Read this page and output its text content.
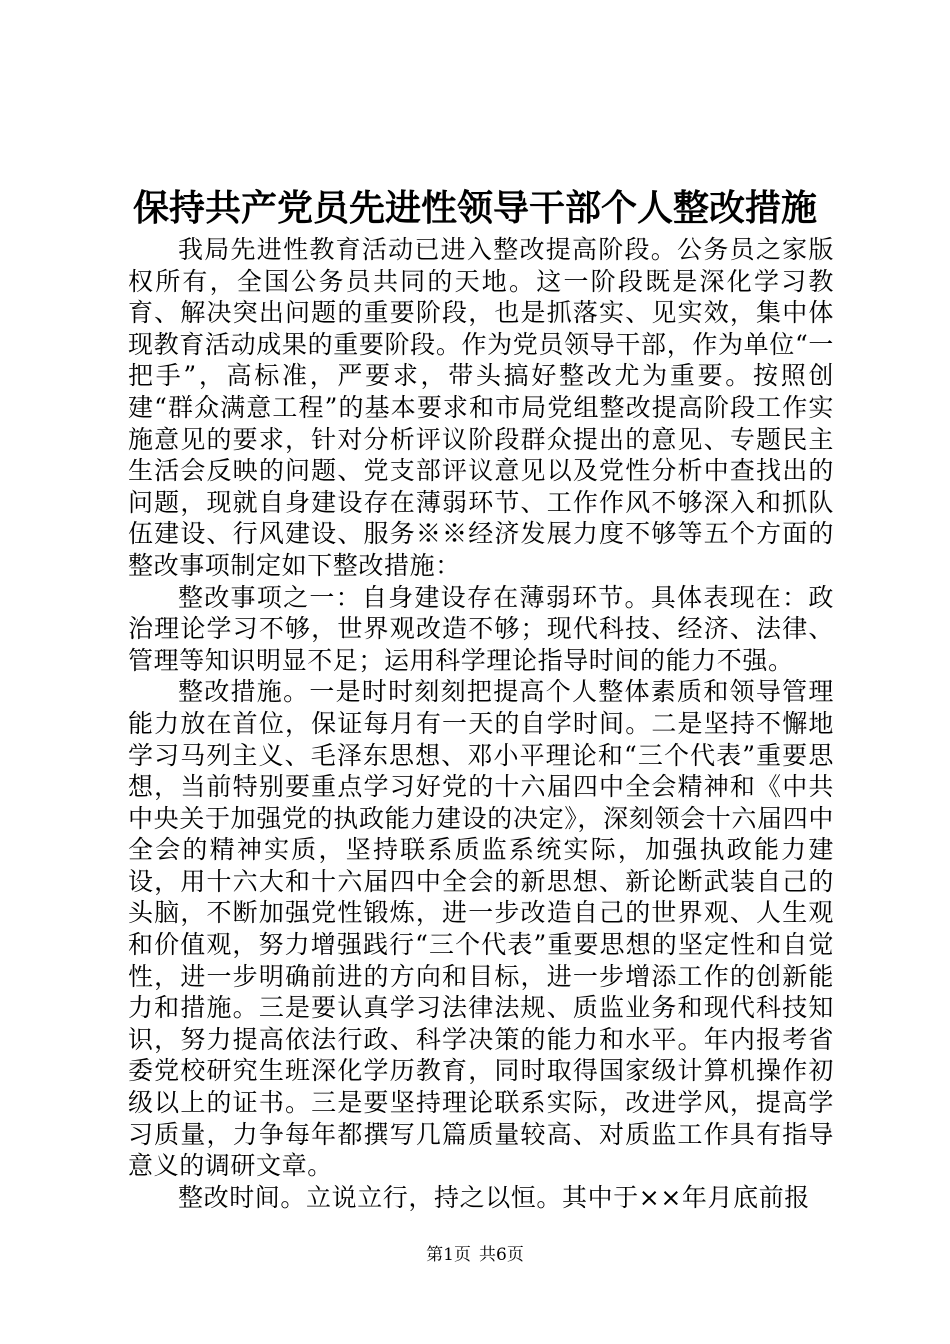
保持共产党员先进性领导干部个人整改措施

我局先进性教育活动已进入整改提高阶段。公务员之家版权所有，全国公务员共同的天地。这一阶段既是深化学习教育、解决突出问题的重要阶段，也是抓落实、见实效，集中体现教育活动成果的重要阶段。作为党员领导干部，作为单位“一把手”，高标准，严要求，带头搞好整改尤为重要。按照创建“群众满意工程”的基本要求和市局党组整改提高阶段工作实施意见的要求，针对分析评议阶段群众提出的意见、专题民主生活会反映的问题、党支部评议意见以及党性分析中查找出的问题，现就自身建设存在薄弱环节、工作作风不够深入和抓队伍建设、行风建设、服务※※经济发展力度不够等五个方面的整改事项制定如下整改措施：

整改事项之一：自身建设存在薄弱环节。具体表现在：政治理论学习不够，世界观改造不够；现代科技、经济、法律、管理等知识明显不足；运用科学理论指导时间的能力不强。

整改措施。一是时时刻刻把提高个人整体素质和领导管理能力放在首位，保证每月有一天的自学时间。二是坚持不懈地学习马列主义、毛泽东思想、邓小平理论和“三个代表”重要思想，当前特别要重点学习好党的十六届四中全会精神和《中共中央关于加强党的执政能力建设的决定》，深刻领会十六届四中全会的精神实质，坚持联系质监系统实际，加强执政能力建设，用十六大和十六届四中全会的新思想、新论断武装自己的头脑，不断加强党性锻炼，进一步改造自己的世界观、人生观和价值观，努力增强践行“三个代表”重要思想的坚定性和自觉性，进一步明确前进的方向和目标，进一步增添工作的创新能力和措施。三是要认真学习法律法规、质监业务和现代科技知识，努力提高依法行政、科学决策的能力和水平。年内报考省委党校研究生班深化学历教育，同时取得国家级计算机操作初级以上的证书。三是要坚持理论联系实际，改进学风，提高学习质量，力争每年都撰写几篇质量较高、对质监工作具有指导意义的调研文章。

整改时间。立说立行，持之以恒。其中于××年月底前报

第1页 共6页
